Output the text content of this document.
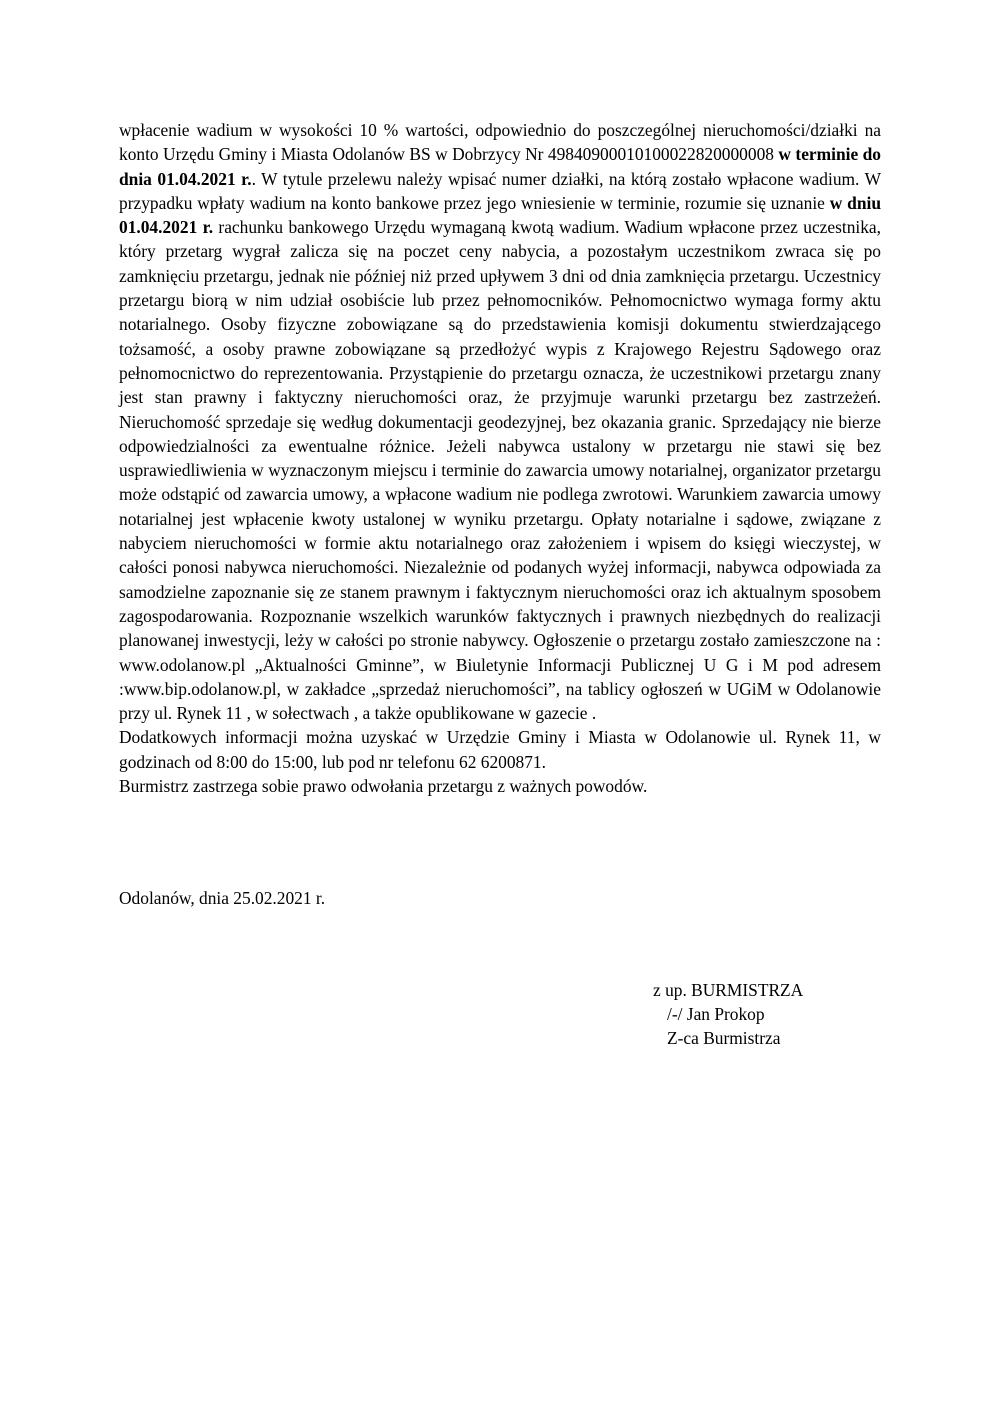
wpłacenie wadium w wysokości 10 % wartości, odpowiednio do poszczególnej nieruchomości/działki na konto Urzędu Gminy i Miasta Odolanów BS w Dobrzycy Nr 49840900010100022820000008 w terminie do dnia 01.04.2021 r.. W tytule przelewu należy wpisać numer działki, na którą zostało wpłacone wadium. W przypadku wpłaty wadium na konto bankowe przez jego wniesienie w terminie, rozumie się uznanie w dniu 01.04.2021 r. rachunku bankowego Urzędu wymaganą kwotą wadium. Wadium wpłacone przez uczestnika, który przetarg wygrał zalicza się na poczet ceny nabycia, a pozostałym uczestnikom zwraca się po zamknięciu przetargu, jednak nie później niż przed upływem 3 dni od dnia zamknięcia przetargu. Uczestnicy przetargu biorą w nim udział osobiście lub przez pełnomocników. Pełnomocnictwo wymaga formy aktu notarialnego. Osoby fizyczne zobowiązane są do przedstawienia komisji dokumentu stwierdzającego tożsamość, a osoby prawne zobowiązane są przedłożyć wypis z Krajowego Rejestru Sądowego oraz pełnomocnictwo do reprezentowania. Przystąpienie do przetargu oznacza, że uczestnikowi przetargu znany jest stan prawny i faktyczny nieruchomości oraz, że przyjmuje warunki przetargu bez zastrzeżeń. Nieruchomość sprzedaje się według dokumentacji geodezyjnej, bez okazania granic. Sprzedający nie bierze odpowiedzialności za ewentualne różnice. Jeżeli nabywca ustalony w przetargu nie stawi się bez usprawiedliwienia w wyznaczonym miejscu i terminie do zawarcia umowy notarialnej, organizator przetargu może odstąpić od zawarcia umowy, a wpłacone wadium nie podlega zwrotowi. Warunkiem zawarcia umowy notarialnej jest wpłacenie kwoty ustalonej w wyniku przetargu. Opłaty notarialne i sądowe, związane z nabyciem nieruchomości w formie aktu notarialnego oraz założeniem i wpisem do księgi wieczystej, w całości ponosi nabywca nieruchomości. Niezależnie od podanych wyżej informacji, nabywca odpowiada za samodzielne zapoznanie się ze stanem prawnym i faktycznym nieruchomości oraz ich aktualnym sposobem zagospodarowania. Rozpoznanie wszelkich warunków faktycznych i prawnych niezbędnych do realizacji planowanej inwestycji, leży w całości po stronie nabywcy. Ogłoszenie o przetargu zostało zamieszczone na : www.odolanow.pl „Aktualności Gminne”, w Biuletynie Informacji Publicznej U G i M pod adresem :www.bip.odolanow.pl, w zakładce „sprzedaż nieruchomości”, na tablicy ogłoszeń w UGiM w Odolanowie przy ul. Rynek 11 , w sołectwach , a także opublikowane w gazecie .

Dodatkowych informacji można uzyskać w Urzędzie Gminy i Miasta w Odolanowie ul. Rynek 11, w godzinach od 8:00 do 15:00, lub pod nr telefonu 62 6200871.

Burmistrz zastrzega sobie prawo odwołania przetargu z ważnych powodów.

Odolanów, dnia 25.02.2021 r.

z up. BURMISTRZA
/-/ Jan Prokop
Z-ca Burmistrza
